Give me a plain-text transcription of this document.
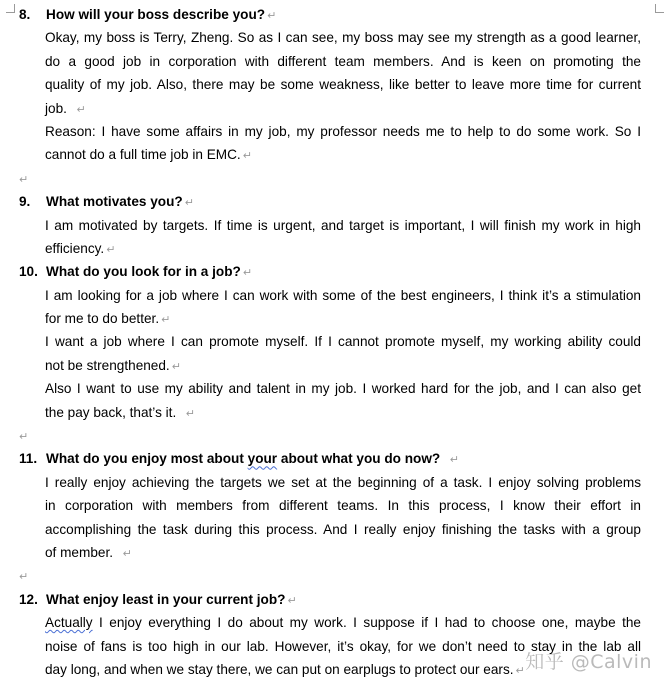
8. How will your boss describe you? ↵
Okay, my boss is Terry, Zheng. So as I can see, my boss may see my strength as a good learner,
do a good job in corporation with different team members. And is keen on promoting the
quality of my job. Also, there may be some weakness, like better to leave more time for current
job. ↵
Reason: I have some affairs in my job, my professor needs me to help to do some work. So I
cannot do a full time job in EMC. ↵
↵
9. What motivates you? ↵
I am motivated by targets. If time is urgent, and target is important, I will finish my work in high
efficiency. ↵
10. What do you look for in a job? ↵
I am looking for a job where I can work with some of the best engineers, I think it’s a stimulation
for me to do better. ↵
I want a job where I can promote myself. If I cannot promote myself, my working ability could
not be strengthened. ↵
Also I want to use my ability and talent in my job. I worked hard for the job, and I can also get
the pay back, that’s it. ↵
↵
11. What do you enjoy most about your about what you do now? ↵
I really enjoy achieving the targets we set at the beginning of a task. I enjoy solving problems
in corporation with members from different teams. In this process, I know their effort in
accomplishing the task during this process. And I really enjoy finishing the tasks with a group
of member. ↵
↵
12. What enjoy least in your current job? ↵
Actually I enjoy everything I do about my work. I suppose if I had to choose one, maybe the
noise of fans is too high in our lab. However, it’s okay, for we don’t need to stay in the lab all
day long, and when we stay there, we can put on earplugs to protect our ears. ↵ 知乎 @Calvin
